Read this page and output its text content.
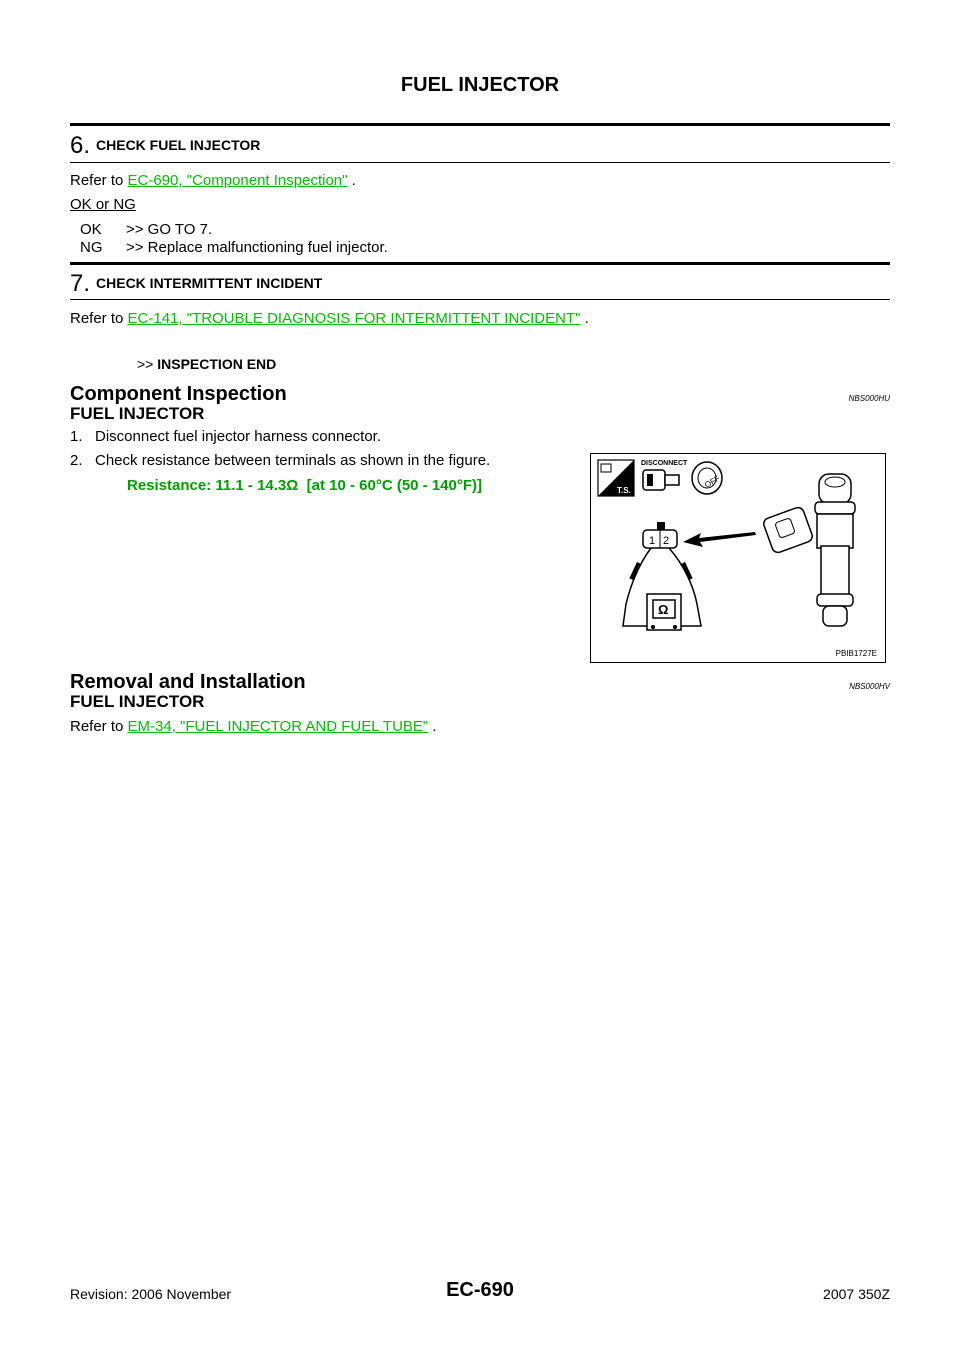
FUEL INJECTOR
6. CHECK FUEL INJECTOR
Refer to EC-690, "Component Inspection" .
OK or NG
OK >> GO TO 7.
NG >> Replace malfunctioning fuel injector.
7. CHECK INTERMITTENT INCIDENT
Refer to EC-141, "TROUBLE DIAGNOSIS FOR INTERMITTENT INCIDENT" .
>> INSPECTION END
Component Inspection	NBS000HU
FUEL INJECTOR
1.   Disconnect fuel injector harness connector.
2.   Check resistance between terminals as shown in the figure.
Resistance: 11.1 - 14.3Ω  [at 10 - 60°C (50 - 140°F)]	T.S.
DISCONNECT
OFF
1 2
Ω
PBIB1727E
Removal and Installation	NBS000HV
FUEL INJECTOR
Refer to EM-34, "FUEL INJECTOR AND FUEL TUBE" .
Revision: 2006 November	EC-690	2007 350Z
